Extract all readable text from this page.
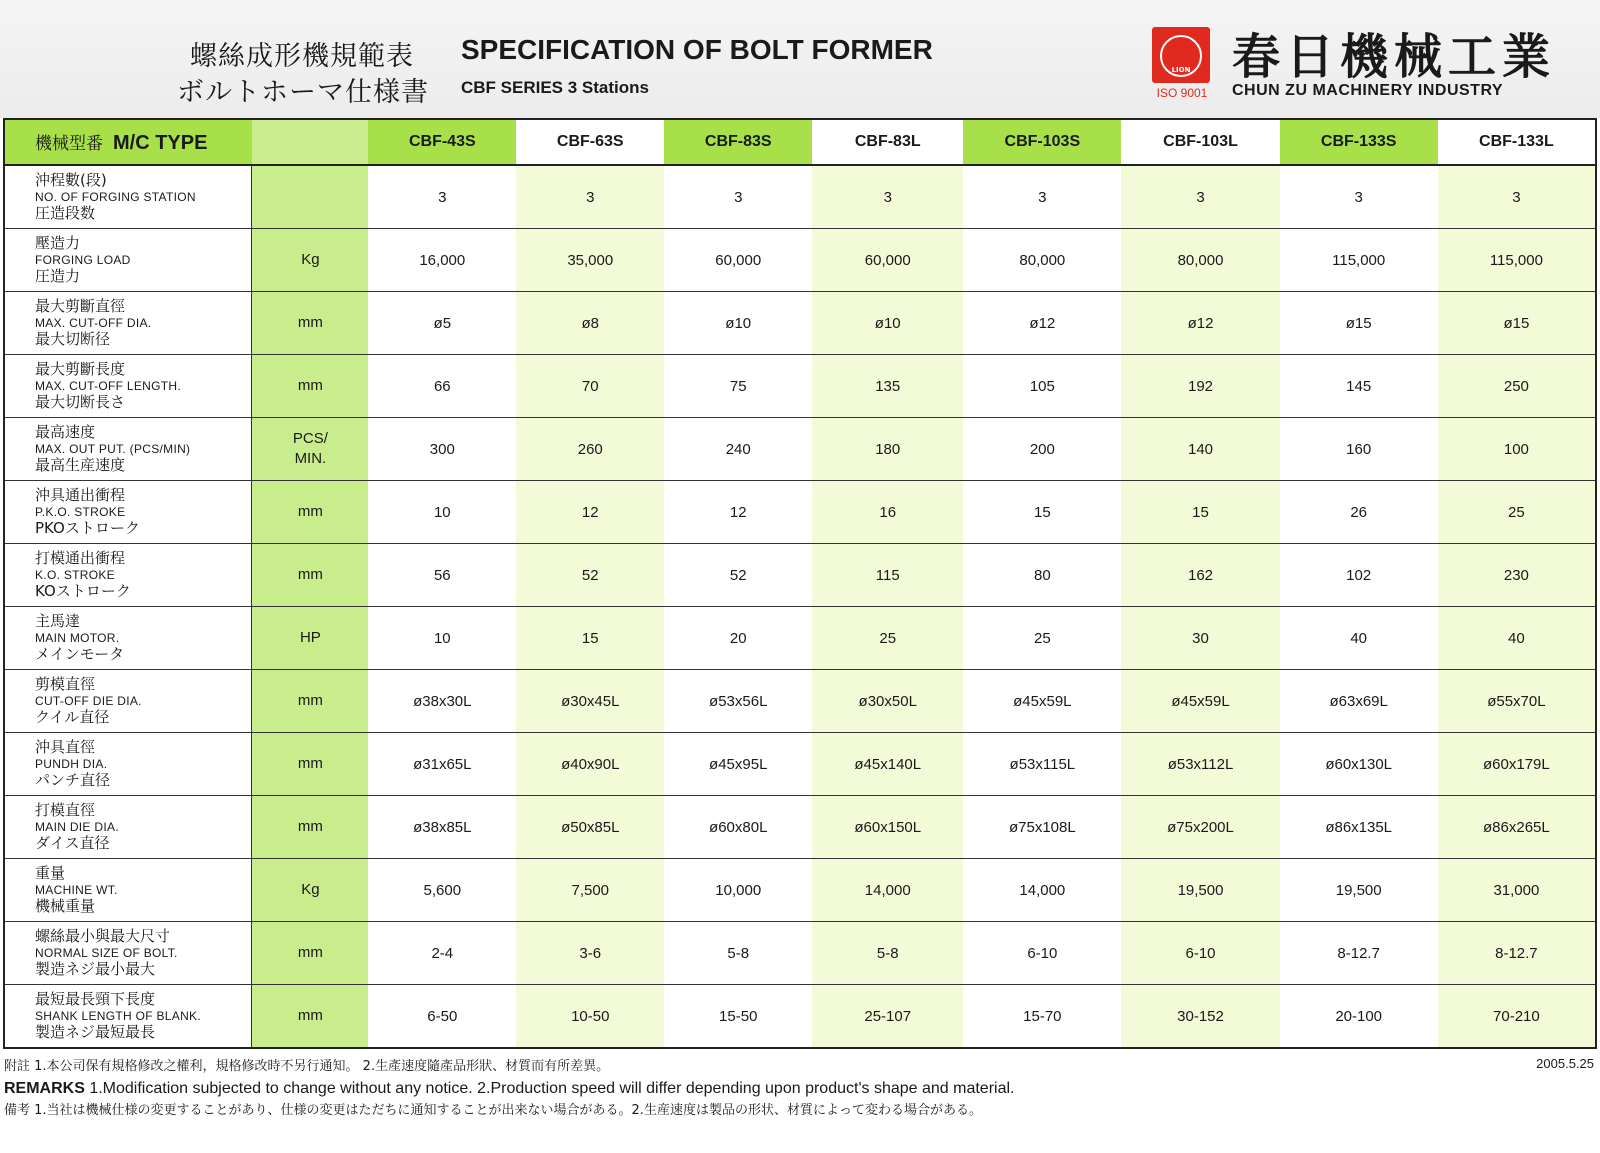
螺絲成形機規範表
ボルトホーマ仕様書
SPECIFICATION OF BOLT FORMER
CBF SERIES 3 Stations
LION
ISO 9001
春日機械工業
CHUN ZU MACHINERY INDUSTRY
機械型番 M/C TYPE		CBF-43S	CBF-63S	CBF-83S	CBF-83L	CBF-103S	CBF-103L	CBF-133S	CBF-133L

沖程數(段)
NO. OF FORGING STATION
圧造段数		3	3	3	3	3	3	3	3

壓造力
FORGING LOAD
圧造力	Kg	16,000	35,000	60,000	60,000	80,000	80,000	115,000	115,000

最大剪斷直徑
MAX. CUT-OFF DIA.
最大切断径	mm	ø5	ø8	ø10	ø10	ø12	ø12	ø15	ø15

最大剪斷長度
MAX. CUT-OFF LENGTH.
最大切断長さ	mm	66	70	75	135	105	192	145	250

最高速度
MAX. OUT PUT. (PCS/MIN)
最高生産速度	PCS/
MIN.	300	260	240	180	200	140	160	100

沖具通出衝程
P.K.O. STROKE
PKOストローク	mm	10	12	12	16	15	15	26	25

打模通出衝程
K.O. STROKE
KOストローク	mm	56	52	52	115	80	162	102	230

主馬達
MAIN MOTOR.
メインモータ	HP	10	15	20	25	25	30	40	40

剪模直徑
CUT-OFF DIE DIA.
クイル直径	mm	ø38x30L	ø30x45L	ø53x56L	ø30x50L	ø45x59L	ø45x59L	ø63x69L	ø55x70L

沖具直徑
PUNDH DIA.
パンチ直径	mm	ø31x65L	ø40x90L	ø45x95L	ø45x140L	ø53x115L	ø53x112L	ø60x130L	ø60x179L

打模直徑
MAIN DIE DIA.
ダイス直径	mm	ø38x85L	ø50x85L	ø60x80L	ø60x150L	ø75x108L	ø75x200L	ø86x135L	ø86x265L

重量
MACHINE WT.
機械重量	Kg	5,600	7,500	10,000	14,000	14,000	19,500	19,500	31,000

螺絲最小與最大尺寸
NORMAL SIZE OF BOLT.
製造ネジ最小最大	mm	2-4	3-6	5-8	5-8	6-10	6-10	8-12.7	8-12.7

最短最長頸下長度
SHANK LENGTH OF BLANK.
製造ネジ最短最長	mm	6-50	10-50	15-50	25-107	15-70	30-152	20-100	70-210
2005.5.25
附註 1.本公司保有規格修改之權利，規格修改時不另行通知。 2.生產速度隨產品形狀、材質而有所差異。
REMARKS 1.Modification subjected to change without any notice. 2.Production speed will differ depending upon product's shape and material.
備考 1.当社は機械仕様の変更することがあり、仕様の変更はただちに通知することが出来ない場合がある。2.生産速度は製品の形状、材質によって変わる場合がある。
